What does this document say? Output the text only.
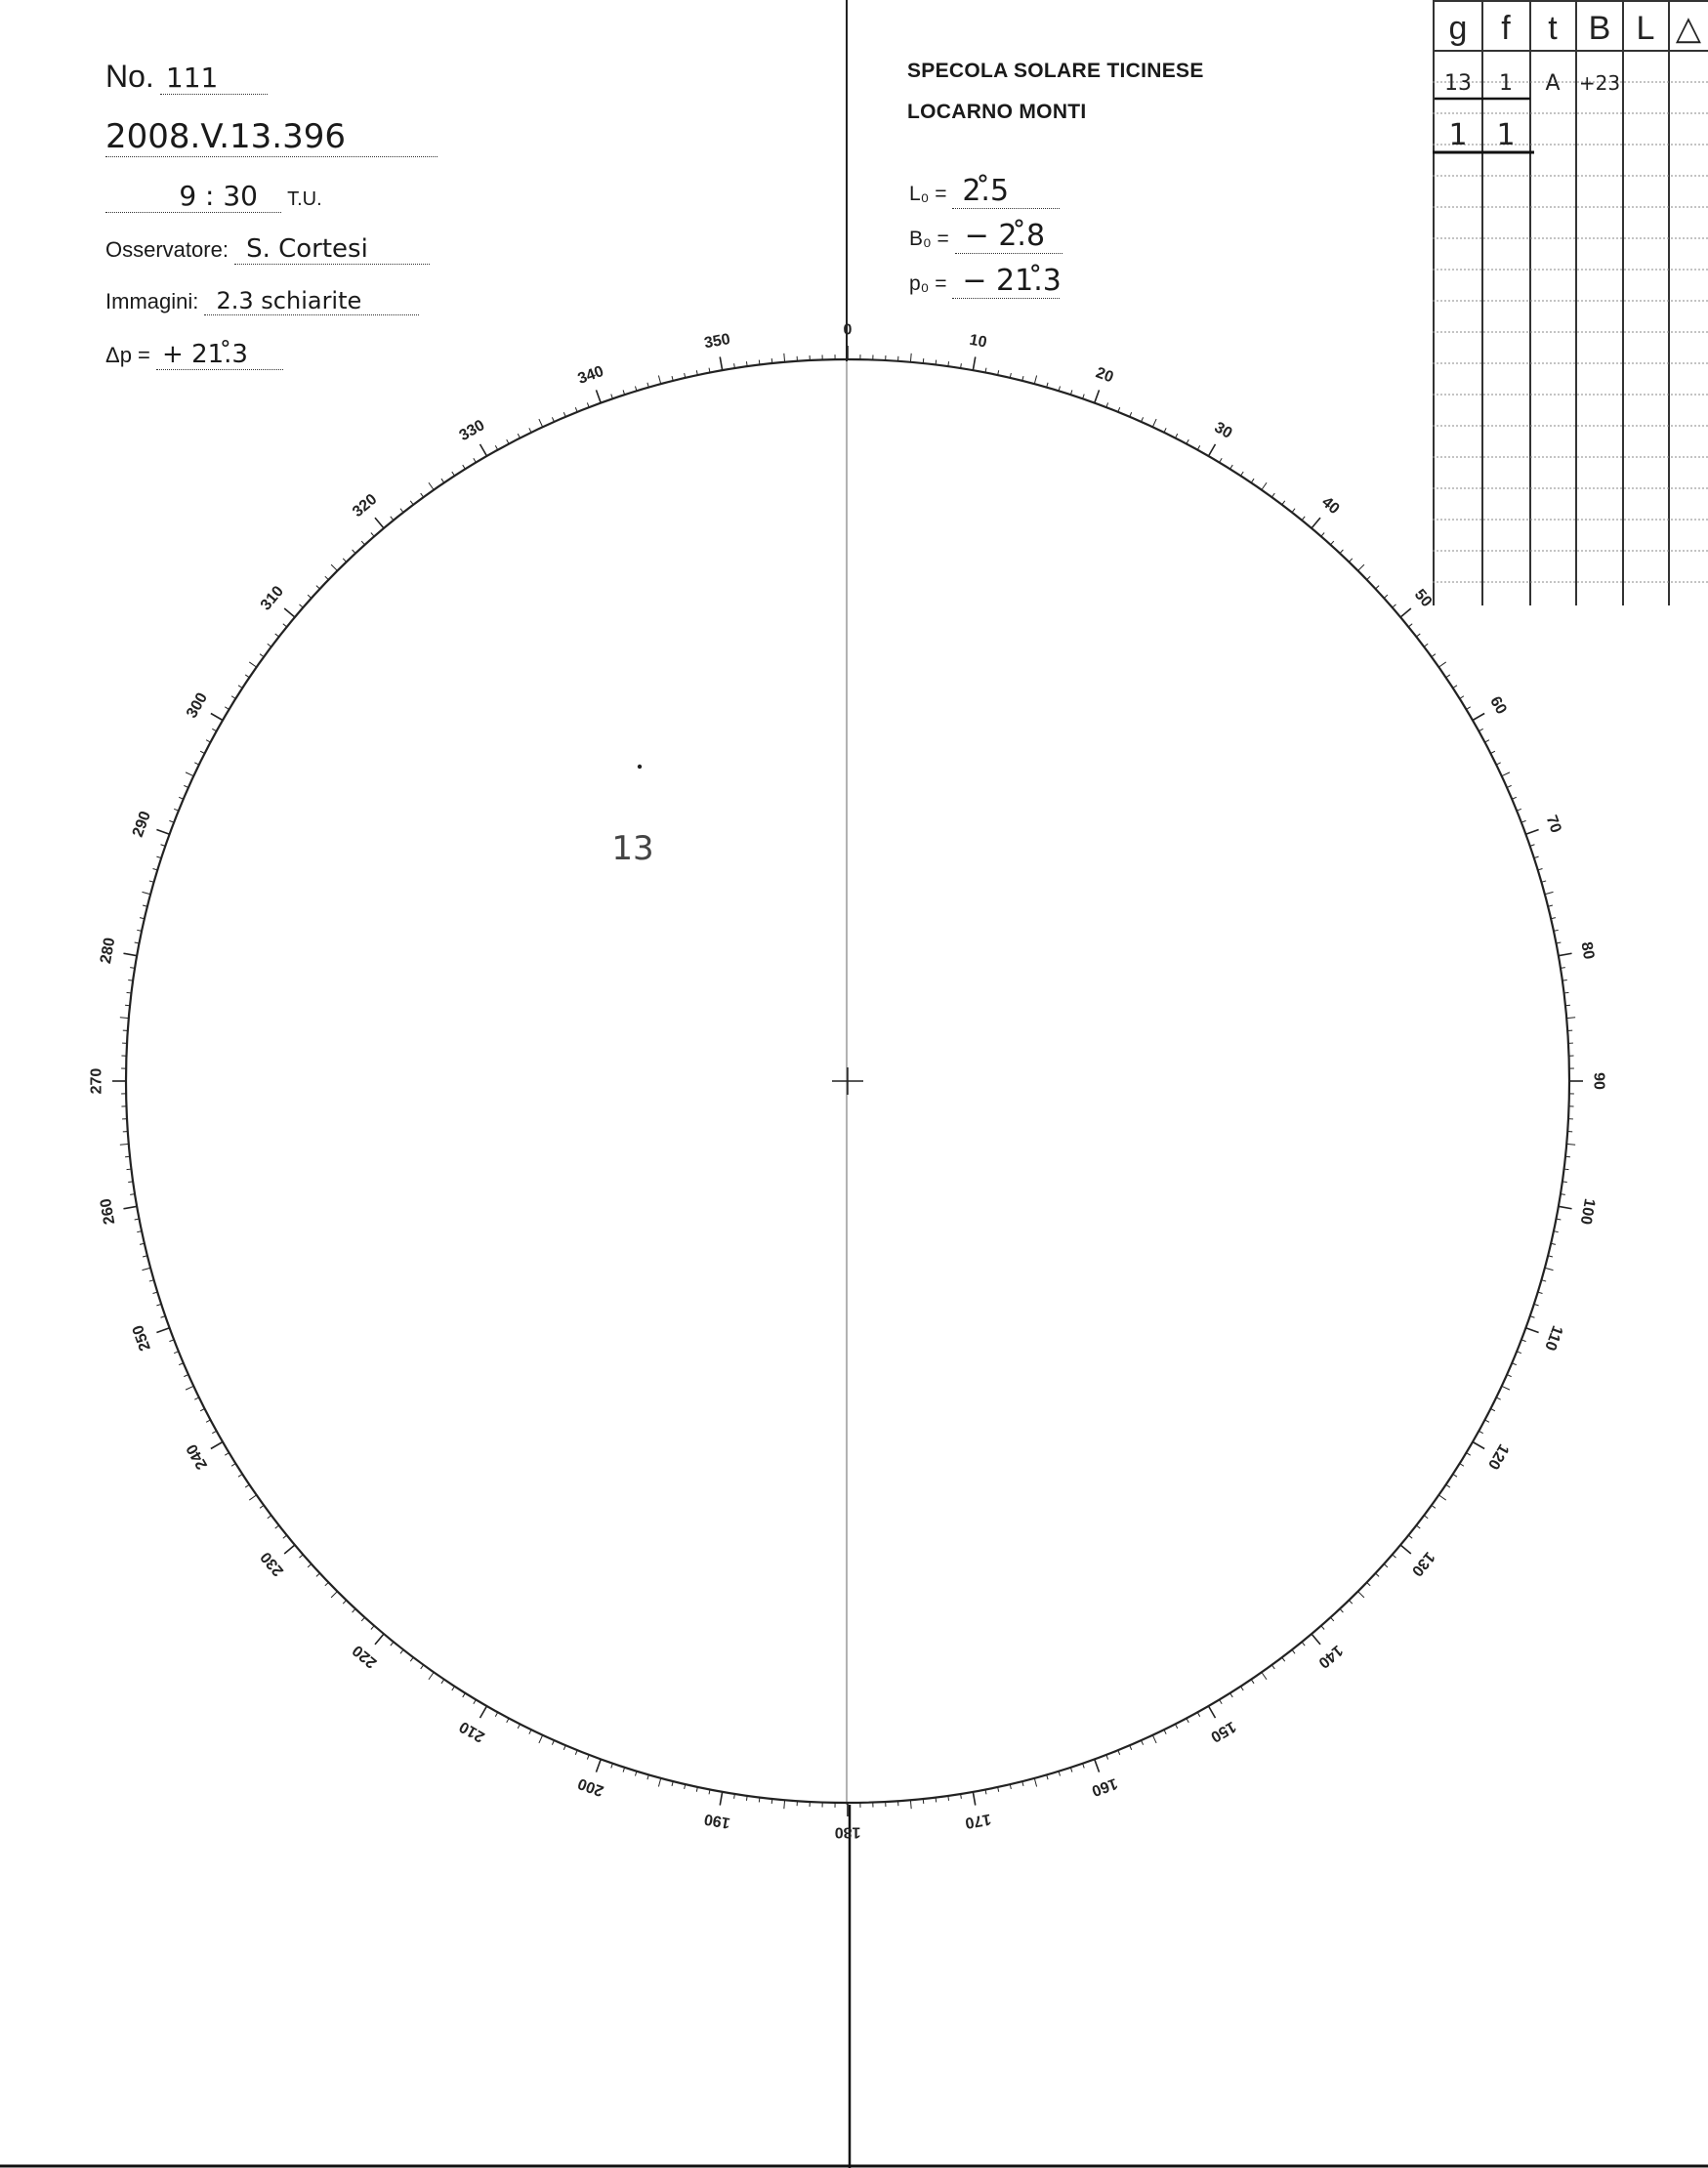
No. 111
2008.V.13.396
9 : 30 T.U.
Osservatore: S. Cortesi
Immagini: 2.3 schiarite
Δp = + 21.̊3
SPECOLA SOLARE TICINESE
LOCARNO MONTI
L₀ = 2.̊5
B₀ = − 2.̊8
p₀ = − 21.̊3
0
10
20
30
40
50
60
70
80
90
100
110
120
130
140
150
160
170
180
190
200
210
220
230
240
250
260
270
280
290
300
310
320
330
340
350
13
g f t B L △
13 1 A +23
1 1
